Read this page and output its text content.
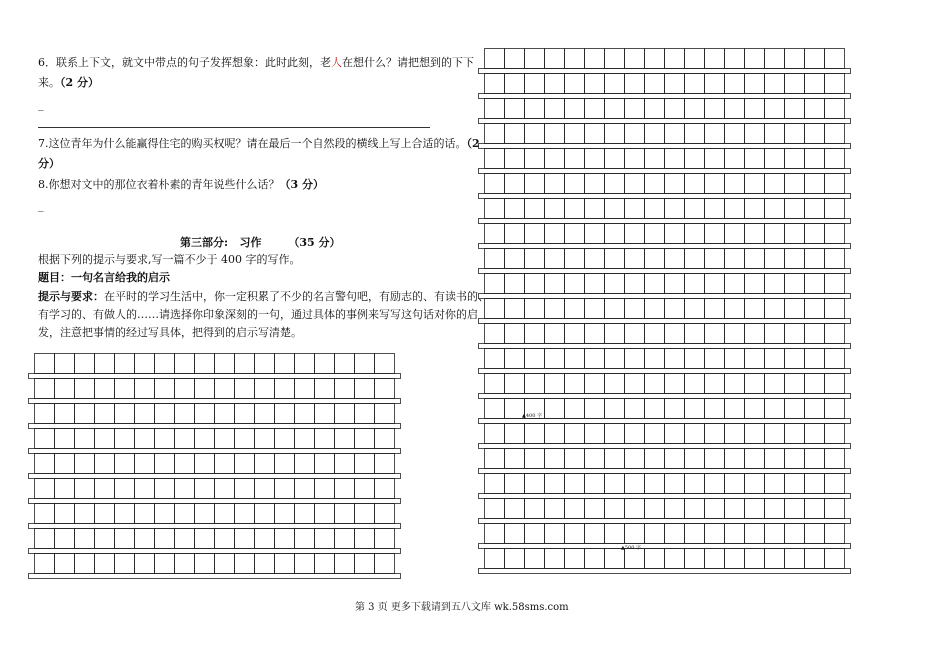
6．联系上下文，就文中带点的句子发挥想象：此时此刻，老人在想什么？请把想到的下下
来。（2 分）
_
7.这位青年为什么能赢得住宅的购买权呢？请在最后一个自然段的横线上写上合适的话。（2
分）
8.你想对文中的那位衣着朴素的青年说些什么话？（3 分）
_
第三部分:   习作       （35 分）
根据下列的提示与要求,写一篇不少于 400 字的写作。
题目：一句名言给我的启示
提示与要求：在平时的学习生活中，你一定积累了不少的名言警句吧，有励志的、有读书的、
有学习的、有做人的……请选择你印象深刻的一句，通过具体的事例来写写这句话对你的启
发，注意把事情的经过写具体，把得到的启示写清楚。
▲400 字
▲500 字
第 3 页 更多下载请到五八文库 wk.58sms.com
